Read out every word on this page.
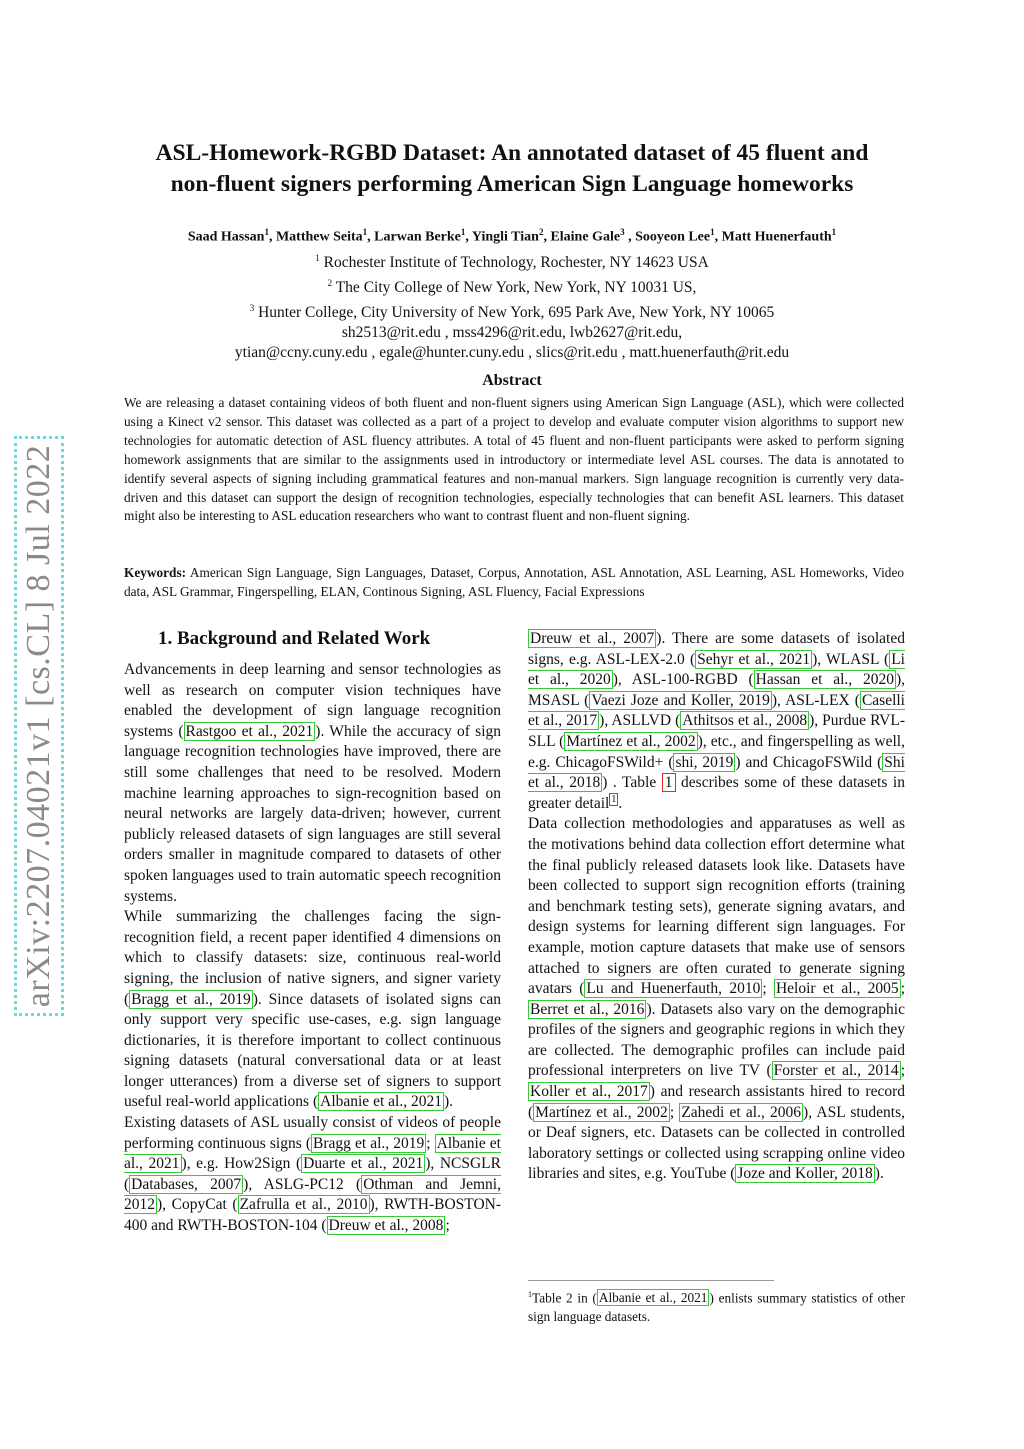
arXiv:2207.04021v1 [cs.CL] 8 Jul 2022
ASL-Homework-RGBD Dataset: An annotated dataset of 45 fluent and
non-fluent signers performing American Sign Language homeworks
Saad Hassan$^1$, Matthew Seita$^1$, Larwan Berke$^1$, Yingli Tian$^2$, Elaine Gale$^3$ , Sooyeon Lee$^1$, Matt Huenerfauth$^1$
$^1$ Rochester Institute of Technology, Rochester, NY 14623 USA
$^2$ The City College of New York, New York, NY 10031 US,
$^3$ Hunter College, City University of New York, 695 Park Ave, New York, NY 10065
sh2513@rit.edu , mss4296@rit.edu, lwb2627@rit.edu,
ytian@ccny.cuny.edu , egale@hunter.cuny.edu , slics@rit.edu , matt.huenerfauth@rit.edu
Abstract

We are releasing a dataset containing videos of both fluent and non-fluent signers using American Sign Language (ASL), which were collected using a Kinect v2 sensor. This dataset was collected as a part of a project to develop and evaluate computer vision algorithms to support new technologies for automatic detection of ASL fluency attributes. A total of 45 fluent and non-fluent participants were asked to perform signing homework assignments that are similar to the assignments used in introductory or intermediate level ASL courses. The data is annotated to identify several aspects of signing including grammatical features and non-manual markers. Sign language recognition is currently very data-driven and this dataset can support the design of recognition technologies, especially technologies that can benefit ASL learners. This dataset might also be interesting to ASL education researchers who want to contrast fluent and non-fluent signing.

Keywords: American Sign Language, Sign Languages, Dataset, Corpus, Annotation, ASL Annotation, ASL Learning, ASL Homeworks, Video data, ASL Grammar, Fingerspelling, ELAN, Continous Signing, ASL Fluency, Facial Expressions

1. Background and Related Work

Advancements in deep learning and sensor technologies as well as research on computer vision techniques have enabled the development of sign language recognition systems ( Rastgoo et al., 2021 ). While the accuracy of sign language recognition technologies have improved, there are still some challenges that need to be resolved. Modern machine learning approaches to sign-recognition based on neural networks are largely data-driven; however, current publicly released datasets of sign languages are still several orders smaller in magnitude compared to datasets of other spoken languages used to train automatic speech recognition systems.

While summarizing the challenges facing the sign-recognition field, a recent paper identified 4 dimensions on which to classify datasets: size, continuous real-world signing, the inclusion of native signers, and signer variety ( Bragg et al., 2019 ). Since datasets of isolated signs can only support very specific use-cases, e.g. sign language dictionaries, it is therefore important to collect continuous signing datasets (natural conversational data or at least longer utterances) from a diverse set of signers to support useful real-world applications ( Albanie et al., 2021 ).

Existing datasets of ASL usually consist of videos of people performing continuous signs ( Bragg et al., 2019 ; Albanie et al., 2021 ), e.g. How2Sign ( Duarte et al., 2021 ), NCSGLR ( Databases, 2007 ), ASLG-PC12 ( Othman and Jemni, 2012 ), CopyCat ( Zafrulla et al., 2010 ), RWTH-BOSTON-400 and RWTH-BOSTON-104 ( Dreuw et al., 2008 ;

Dreuw et al., 2007 ). There are some datasets of isolated signs, e.g. ASL-LEX-2.0 ( Sehyr et al., 2021 ), WLASL ( Li et al., 2020 ), ASL-100-RGBD ( Hassan et al., 2020 ), MSASL ( Vaezi Joze and Koller, 2019 ), ASL-LEX ( Caselli et al., 2017 ), ASLLVD ( Athitsos et al., 2008 ), Purdue RVL-SLL ( Martínez et al., 2002 ), etc., and fingerspelling as well, e.g. ChicagoFSWild+ ( shi, 2019 ) and ChicagoFSWild ( Shi et al., 2018 ) . Table 1 describes some of these datasets in greater detail $^1$ .

Data collection methodologies and apparatuses as well as the motivations behind data collection effort determine what the final publicly released datasets look like. Datasets have been collected to support sign recognition efforts (training and benchmark testing sets), generate signing avatars, and design systems for learning different sign languages. For example, motion capture datasets that make use of sensors attached to signers are often curated to generate signing avatars ( Lu and Huenerfauth, 2010 ; Heloir et al., 2005 ; Berret et al., 2016 ). Datasets also vary on the demographic profiles of the signers and geographic regions in which they are collected. The demographic profiles can include paid professional interpreters on live TV ( Forster et al., 2014 ; Koller et al., 2017 ) and research assistants hired to record ( Martínez et al., 2002 ; Zahedi et al., 2006 ), ASL students, or Deaf signers, etc. Datasets can be collected in controlled laboratory settings or collected using scrapping online video libraries and sites, e.g. YouTube ( Joze and Koller, 2018 ).

$^1$Table 2 in ( Albanie et al., 2021 ) enlists summary statistics of other sign language datasets.
